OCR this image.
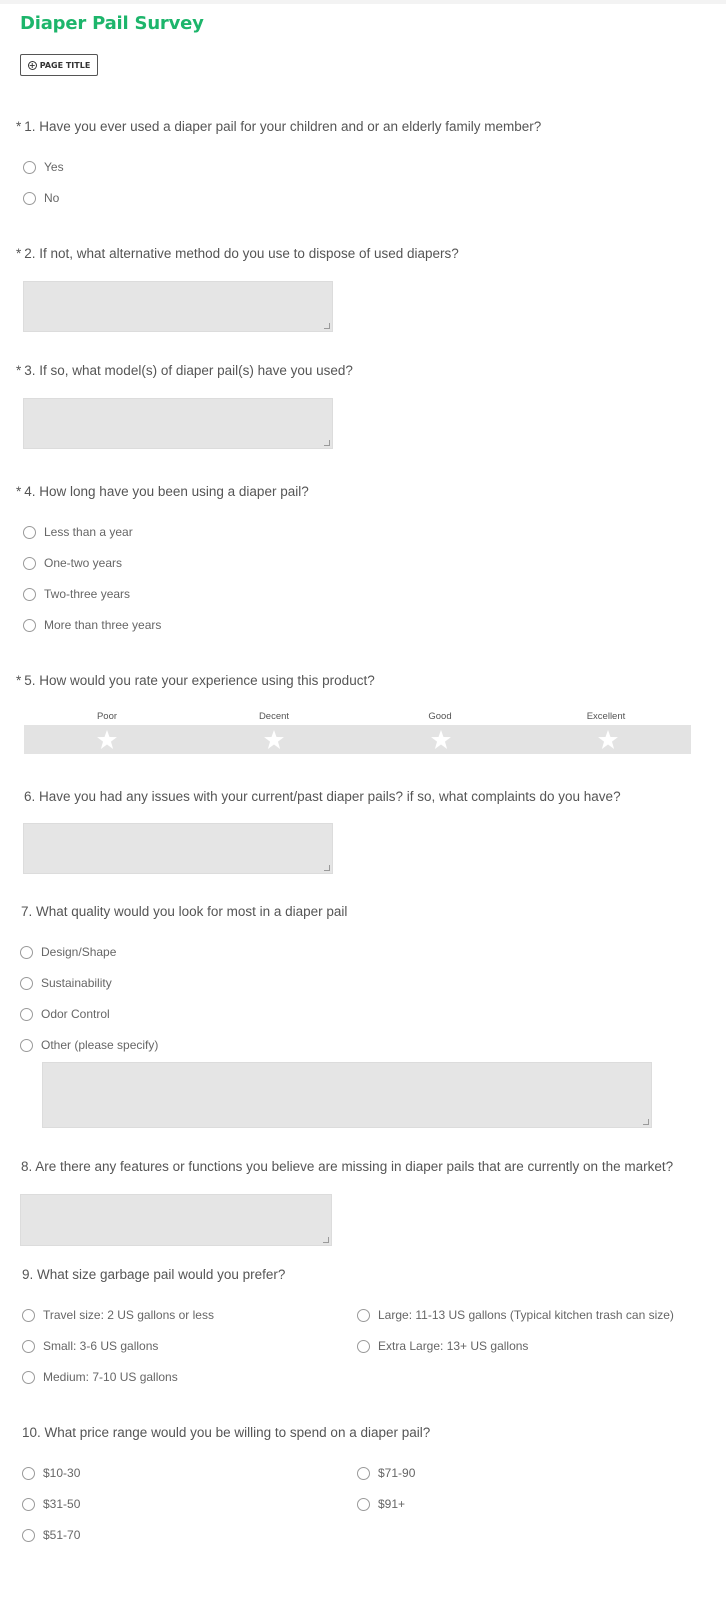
Diaper Pail Survey
+ PAGE TITLE
* 1. Have you ever used a diaper pail for your children and or an elderly family member?
Yes
No
* 2. If not, what alternative method do you use to dispose of used diapers?
* 3. If so, what model(s) of diaper pail(s) have you used?
* 4. How long have you been using a diaper pail?
Less than a year
One-two years
Two-three years
More than three years
* 5. How would you rate your experience using this product?
Poor	Decent	Good	Excellent
6. Have you had any issues with your current/past diaper pails? if so, what complaints do you have?
7. What quality would you look for most in a diaper pail
Design/Shape
Sustainability
Odor Control
Other (please specify)
8. Are there any features or functions you believe are missing in diaper pails that are currently on the market?
9. What size garbage pail would you prefer?
Travel size: 2 US gallons or less
Small: 3-6 US gallons
Medium: 7-10 US gallons
Large: 11-13 US gallons (Typical kitchen trash can size)
Extra Large: 13+ US gallons
10. What price range would you be willing to spend on a diaper pail?
$10-30
$31-50
$51-70
$71-90
$91+
